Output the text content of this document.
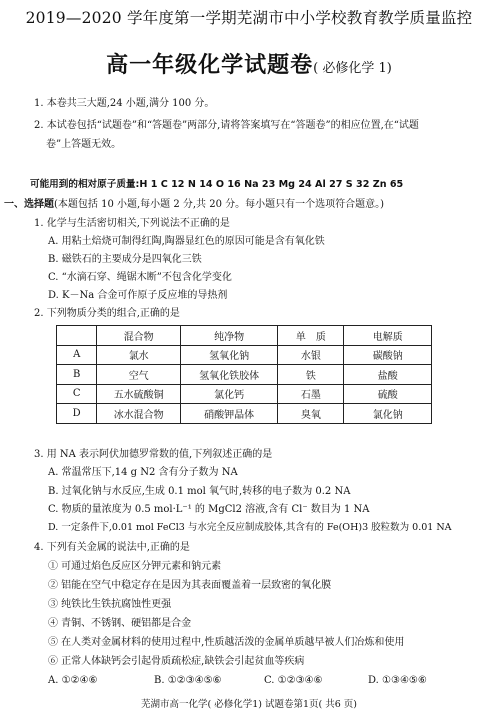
2019—2020 学年度第一学期芜湖市中小学校教育教学质量监控
高一年级化学试题卷( 必修化学 1)
1. 本卷共三大题,24 小题,满分 100 分。
2. 本试卷包括“试题卷”和“答题卷”两部分,请将答案填写在“答题卷”的相应位置,在“试题
卷”上答题无效。
可能用到的相对原子质量:H 1 C 12 N 14 O 16 Na 23 Mg 24 Al 27 S 32 Zn 65
一、选择题(本题包括 10 小题,每小题 2 分,共 20 分。每小题只有一个选项符合题意。)
1. 化学与生活密切相关,下列说法不正确的是
A. 用粘土焙烧可制得红陶,陶器显红色的原因可能是含有氧化铁
B. 磁铁石的主要成分是四氧化三铁
C. “水滴石穿、绳锯木断”不包含化学变化
D. K－Na 合金可作原子反应堆的导热剂
2. 下列物质分类的组合,正确的是
	混合物	纯净物	单　质	电解质
A	氯水	氢氧化钠	水银	碳酸钠
B	空气	氢氧化铁胶体	铁	盐酸
C	五水硫酸铜	氯化钙	石墨	硫酸
D	冰水混合物	硝酸钾晶体	臭氧	氯化钠
3. 用 NA 表示阿伏加德罗常数的值,下列叙述正确的是
A. 常温常压下,14 g N2 含有分子数为 NA
B. 过氧化钠与水反应,生成 0.1 mol 氧气时,转移的电子数为 0.2 NA
C. 物质的量浓度为 0.5 mol·L⁻¹ 的 MgCl2 溶液,含有 Cl⁻ 数目为 1 NA
D. 一定条件下,0.01 mol FeCl3 与水完全反应制成胶体,其含有的 Fe(OH)3 胶粒数为 0.01 NA
4. 下列有关金属的说法中,正确的是
① 可通过焰色反应区分钾元素和钠元素
② 铝能在空气中稳定存在是因为其表面覆盖着一层致密的氧化膜
③ 纯铁比生铁抗腐蚀性更强
④ 青铜、不锈钢、硬铝都是合金
⑤ 在人类对金属材料的使用过程中,性质越活泼的金属单质越早被人们冶炼和使用
⑥ 正常人体缺钙会引起骨质疏松症,缺铁会引起贫血等疾病
A. ①②④⑥	B. ①②③④⑤⑥	C. ①②③④⑥	D. ①③④⑤⑥
芜湖市高一化学( 必修化学1) 试题卷第1页( 共6 页)
